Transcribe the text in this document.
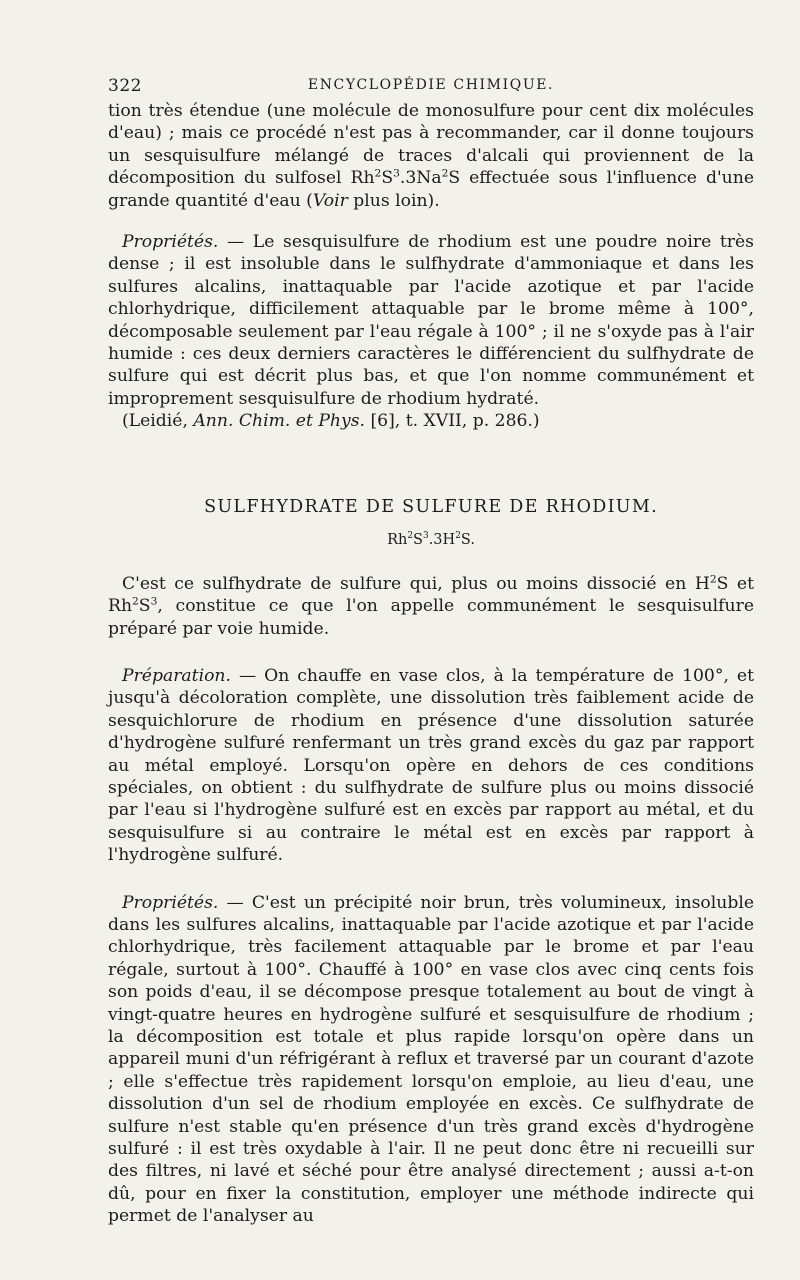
322	ENCYCLOPÉDIE CHIMIQUE.

tion très étendue (une molécule de monosulfure pour cent dix molécules d'eau) ; mais ce procédé n'est pas à recommander, car il donne toujours un sesquisulfure mélangé de traces d'alcali qui proviennent de la décomposition du sulfosel $Rh^2S^3.3Na^2S$ effectuée sous l'influence d'une grande quantité d'eau (Voir plus loin).

Propriétés. — Le sesquisulfure de rhodium est une poudre noire très dense ; il est insoluble dans le sulfhydrate d'ammoniaque et dans les sulfures alcalins, inattaquable par l'acide azotique et par l'acide chlorhydrique, difficilement attaquable par le brome même à 100°, décomposable seulement par l'eau régale à 100° ; il ne s'oxyde pas à l'air humide : ces deux derniers caractères le différencient du sulfhydrate de sulfure qui est décrit plus bas, et que l'on nomme communément et improprement sesquisulfure de rhodium hydraté.

(Leidié, Ann. Chim. et Phys. [6], t. XVII, p. 286.)

SULFHYDRATE DE SULFURE DE RHODIUM.
$Rh^2S^3.3H^2S$.

C'est ce sulfhydrate de sulfure qui, plus ou moins dissocié en $H^2S$ et $Rh^2S^3$, constitue ce que l'on appelle communément le sesquisulfure préparé par voie humide.

Préparation. — On chauffe en vase clos, à la température de 100°, et jusqu'à décoloration complète, une dissolution très faiblement acide de sesquichlorure de rhodium en présence d'une dissolution saturée d'hydrogène sulfuré renfermant un très grand excès du gaz par rapport au métal employé. Lorsqu'on opère en dehors de ces conditions spéciales, on obtient : du sulfhydrate de sulfure plus ou moins dissocié par l'eau si l'hydrogène sulfuré est en excès par rapport au métal, et du sesquisulfure si au contraire le métal est en excès par rapport à l'hydrogène sulfuré.

Propriétés. — C'est un précipité noir brun, très volumineux, insoluble dans les sulfures alcalins, inattaquable par l'acide azotique et par l'acide chlorhydrique, très facilement attaquable par le brome et par l'eau régale, surtout à 100°. Chauffé à 100° en vase clos avec cinq cents fois son poids d'eau, il se décompose presque totalement au bout de vingt à vingt-quatre heures en hydrogène sulfuré et sesquisulfure de rhodium ; la décomposition est totale et plus rapide lorsqu'on opère dans un appareil muni d'un réfrigérant à reflux et traversé par un courant d'azote ; elle s'effectue très rapidement lorsqu'on emploie, au lieu d'eau, une dissolution d'un sel de rhodium employée en excès. Ce sulfhydrate de sulfure n'est stable qu'en présence d'un très grand excès d'hydrogène sulfuré : il est très oxydable à l'air. Il ne peut donc être ni recueilli sur des filtres, ni lavé et séché pour être analysé directement ; aussi a-t-on dû, pour en fixer la constitution, employer une méthode indirecte qui permet de l'analyser au
